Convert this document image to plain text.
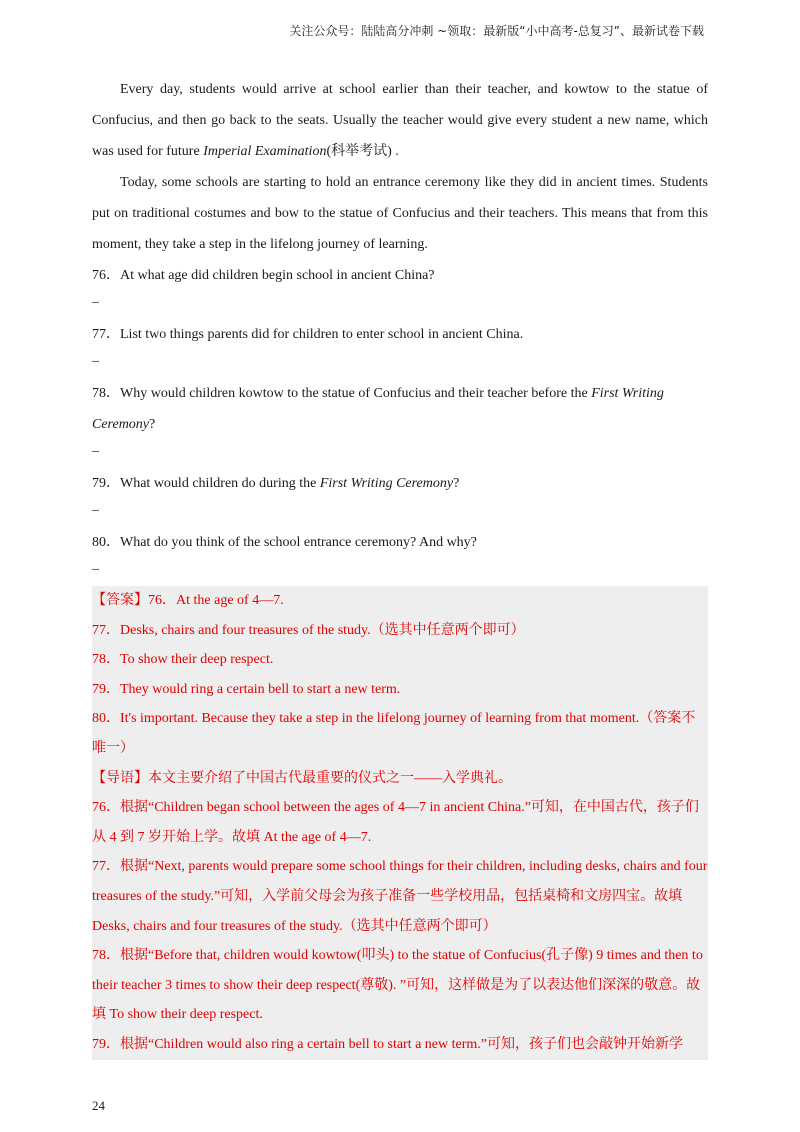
关注公众号：陆陆高分冲刺 ~领取：最新版“小中高考-总复习”、最新试卷下载

Every day, students would arrive at school earlier than their teacher, and kowtow to the statue of Confucius, and then go back to the seats. Usually the teacher would give every student a new name, which was used for future Imperial Examination(科举考试) .

Today, some schools are starting to hold an entrance ceremony like they did in ancient times. Students put on traditional costumes and bow to the statue of Confucius and their teachers. This means that from this moment, they take a step in the lifelong journey of learning.

76．At what age did children begin school in ancient China?

_

77．List two things parents did for children to enter school in ancient China.

_

78．Why would children kowtow to the statue of Confucius and their teacher before the First Writing Ceremony?

_

79．What would children do during the First Writing Ceremony?

_

80．What do you think of the school entrance ceremony? And why?

_

【答案】76．At the age of 4—7.

77．Desks, chairs and four treasures of the study.（选其中任意两个即可）

78．To show their deep respect.

79．They would ring a certain bell to start a new term.

80．It's important. Because they take a step in the lifelong journey of learning from that moment.（答案不唯一）

【导语】本文主要介绍了中国古代最重要的仪式之一——入学典礼。

76．根据“Children began school between the ages of 4—7 in ancient China.”可知，在中国古代，孩子们从 4 到 7 岁开始上学。故填 At the age of 4—7.

77．根据“Next, parents would prepare some school things for their children, including desks, chairs and four treasures of the study.”可知，入学前父母会为孩子准备一些学校用品，包括桌椅和文房四宝。故填 Desks, chairs and four treasures of the study.（选其中任意两个即可）

78．根据“Before that, children would kowtow(叩头) to the statue of Confucius(孔子像) 9 times and then to their teacher 3 times to show their deep respect(尊敬). ”可知，这样做是为了以表达他们深深的敬意。故填 To show their deep respect.

79．根据“Children would also ring a certain bell to start a new term.”可知，孩子们也会敲钟开始新学

24
